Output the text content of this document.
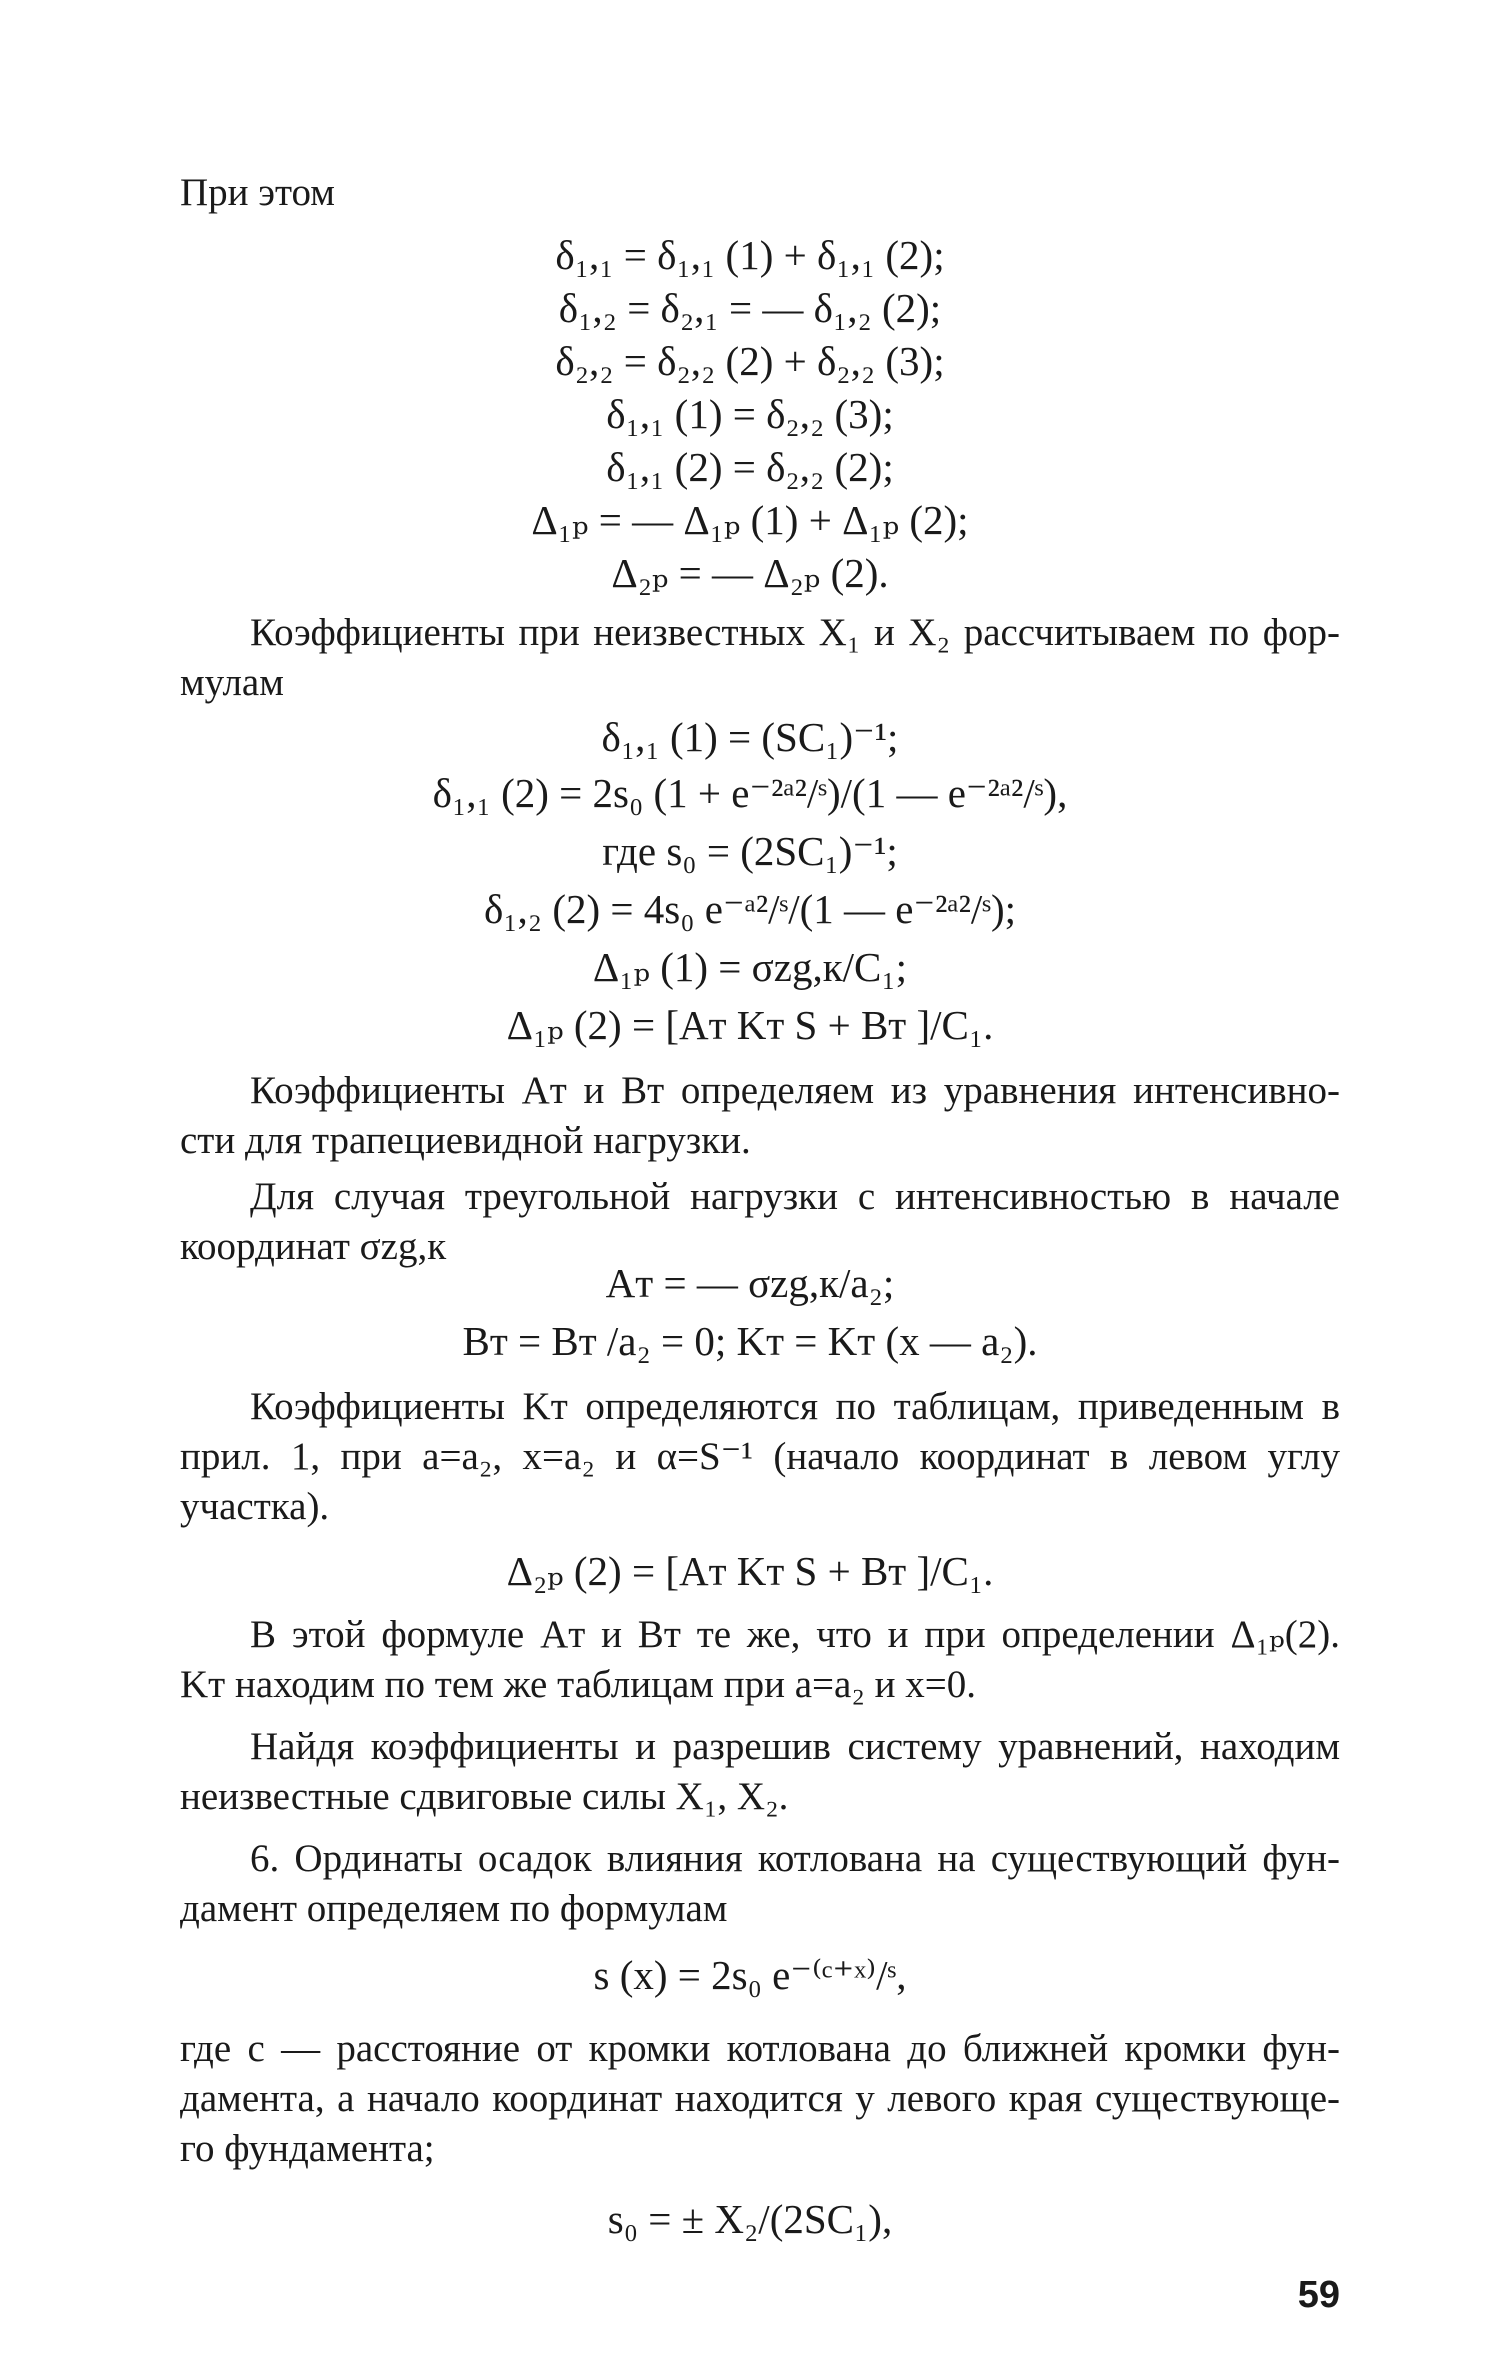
При этом

δ₁,₁ = δ₁,₁ (1) + δ₁,₁ (2);

δ₁,₂ = δ₂,₁ = — δ₁,₂ (2);

δ₂,₂ = δ₂,₂ (2) + δ₂,₂ (3);

δ₁,₁ (1) = δ₂,₂ (3);

δ₁,₁ (2) = δ₂,₂ (2);

Δ₁ₚ = — Δ₁ₚ (1) + Δ₁ₚ (2);

Δ₂ₚ = — Δ₂ₚ (2).

Коэффициенты при неизвестных X₁ и X₂ рассчитываем по фор-

мулам

δ₁,₁ (1) = (SC₁)⁻¹;

δ₁,₁ (2) = 2s₀ (1 + e⁻²ᵃ²/ˢ)/(1 — e⁻²ᵃ²/ˢ),

где s₀ = (2SC₁)⁻¹;

δ₁,₂ (2) = 4s₀ e⁻ᵃ²/ˢ/(1 — e⁻²ᵃ²/ˢ);

Δ₁ₚ (1) = σzg,к/C₁;

Δ₁ₚ (2) = [Aт Kт S + Bт ]/C₁.

Коэффициенты Aт и Bт определяем из уравнения интенсивно-

сти для трапециевидной нагрузки.

Для случая треугольной нагрузки с интенсивностью в начале

координат σzg,к

Aт = — σzg,к/a₂;

Bт = Bт /a₂ = 0; Kт = Kт (x — a₂).

Коэффициенты Kт определяются по таблицам, приведенным в

прил. 1, при a=a₂, x=a₂ и α=S⁻¹ (начало координат в левом углу

участка).

Δ₂ₚ (2) = [Aт Kт S + Bт ]/C₁.

В этой формуле Aт и Bт те же, что и при определении Δ₁ₚ(2).

Kт находим по тем же таблицам при a=a₂ и x=0.

Найдя коэффициенты и разрешив систему уравнений, находим

неизвестные сдвиговые силы X₁, X₂.

6. Ординаты осадок влияния котлована на существующий фун-

дамент определяем по формулам

s (x) = 2s₀ e⁻⁽ᶜ⁺ˣ⁾/ˢ,

где c — расстояние от кромки котлована до ближней кромки фун-

дамента, а начало координат находится у левого края существующе-

го фундамента;

s₀ = ± X₂/(2SC₁),

59
